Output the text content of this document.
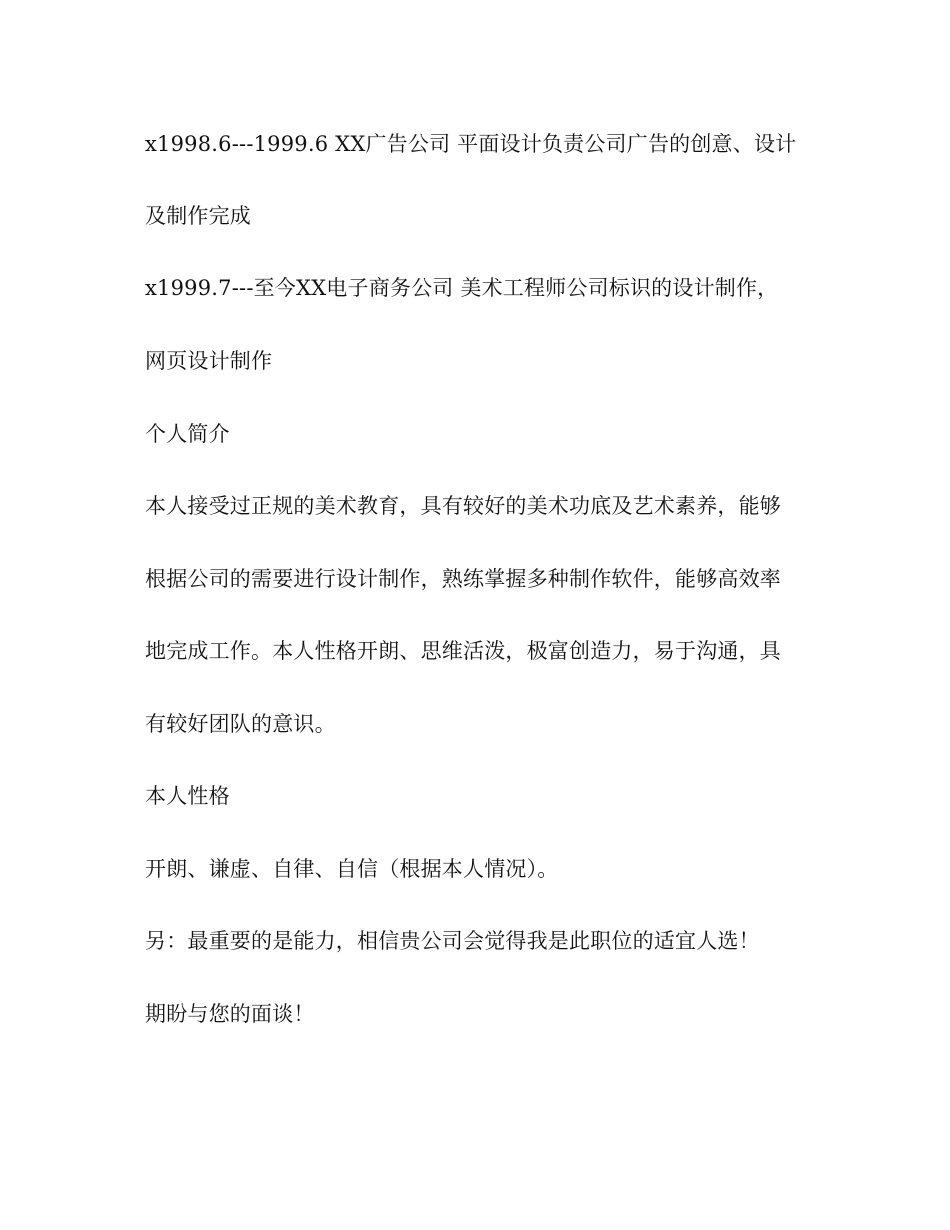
x1998.6---1999.6 XX广告公司 平面设计负责公司广告的创意、设计
及制作完成
x1999.7---至今XX电子商务公司 美术工程师公司标识的设计制作，
网页设计制作
个人简介
本人接受过正规的美术教育，具有较好的美术功底及艺术素养，能够
根据公司的需要进行设计制作，熟练掌握多种制作软件，能够高效率
地完成工作。本人性格开朗、思维活泼，极富创造力，易于沟通，具
有较好团队的意识。
本人性格
开朗、谦虚、自律、自信（根据本人情况）。
另：最重要的是能力，相信贵公司会觉得我是此职位的适宜人选！
期盼与您的面谈！
